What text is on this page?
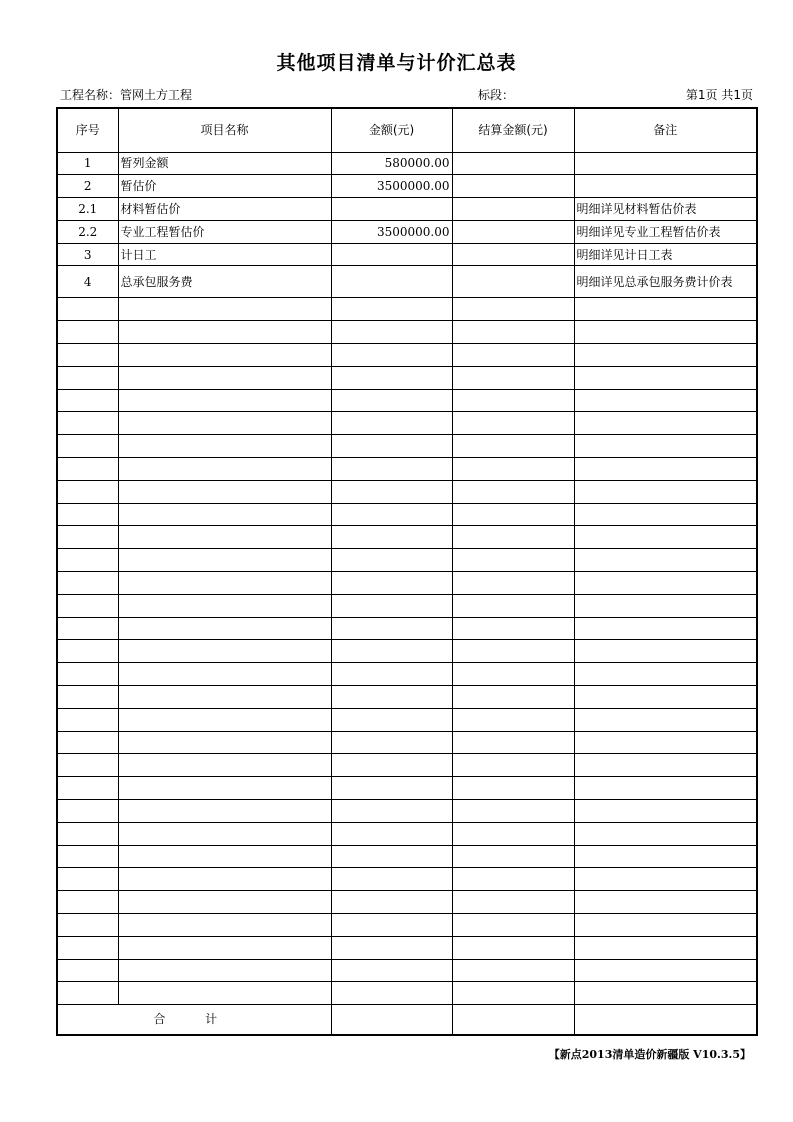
其他项目清单与计价汇总表
工程名称：管网土方工程	标段：	第1页 共1页
序号	项目名称	金额(元)	结算金额(元)	备注
1	暂列金额	580000.00		
2	暂估价	3500000.00		
2.1	材料暂估价			明细详见材料暂估价表
2.2	专业工程暂估价	3500000.00		明细详见专业工程暂估价表
3	计日工			明细详见计日工表
4	总承包服务费			明细详见总承包服务费计价表

合 计				
【新点2013清单造价新疆版 V10.3.5】
